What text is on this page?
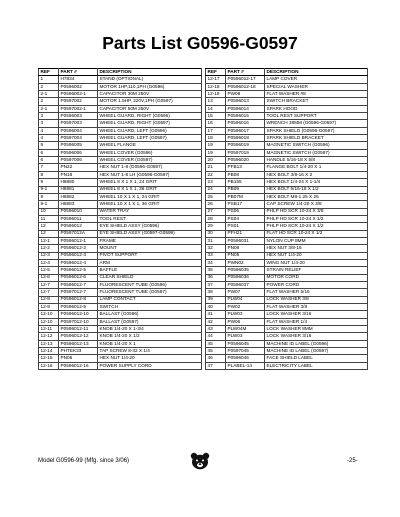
Parts List G0596-G0597
REF	PART #	DESCRIPTION
1	H7834	STAND (OPTIONAL)
2	P0596002	MOTOR 1HP,110,1PH (G0596)
2-1	P0596002-1	CAPACITOR 30M 250V
2	P0597002	MOTOR 1.5HP, 220V,1PH (G0597)
2-1	P0597002-1	CAPACITOR 50M 250V
3	P0596003	WHEEL GUARD, RIGHT (G0596)
3	P0597003	WHEEL GUARD, RIGHT (G0597)
4	P0596004	WHEEL GUARD, LEFT (G0596)
4	P0597004	WHEEL GUARD, LEFT (G0597)
5	P0596005	WHEEL FLANGE
6	P0596006	WHEEL COVER (G0596)
6	P0597006	WHEEL COVER (G0597)
7	PN22	HEX NUT 1-8 (G0596-G0597)
8	PN18	HEX NUT 1-8 LH (G0596-G0597)
9	H8880	WHEEL 8 X 1 X 1, 24 GRIT
9-1	H8881	WHEEL 8 X 1 X 1, 36 GRIT
9	H8882	WHEEL 10 X 1 X 1, 24 GRIT
9-1	H8883	WHEEL 10 X 1 X 1, 36 GRIT
10	P0596010	WATER TRAY
11	P0596011	TOOL REST
12	P0596012	EYE SHIELD ASSY (G0596)
12	P0597012A	EYE SHIELD ASSY (G0597-G0599)
12-1	P0596012-1	FRAME
12-2	P0596012-2	MOUNT
12-3	P0596012-3	PIVOT SUPPORT
12-4	P0596012-4	ARM
12-5	P0596012-5	BAFFLE
12-6	P0596012-6	CLEAR SHIELD
12-7	P0596012-7	FLUORESCENT TUBE (G0596)
12-7	P0597012-7	FLUORESCENT TUBE (G0597)
12-8	P0596012-8	LAMP CONTACT
12-9	P0596012-9	SWITCH
12-10	P0596012-10	BALLAST (G0596)
12-10	P0597012-10	BALLAST (G0597)
12-11	P0596012-11	KNOB 1/4-20 X 1-3/4
12-12	P0596012-12	KNOB 1/4-20 X 1/2
12-13	P0596012-13	KNOB 1/4-20 X 1
12-14	PHTEK33	TAP SCREW 8-32 X 1/4
12-15	PN05	HEX NUT 1/4-20
12-16	P0596012-16	POWER SUPPLY CORD
REF	PART #	DESCRIPTION
12-17	P0596012-17	LAMP COVER
12-18	P0596012-18	SPECIAL WASHER
12-19	PW08	FLAT WASHER #8
13	P0596013	SWITCH BRACKET
14	P0596014	SPARK HOOD
15	P0596015	TOOL REST SUPPORT
16	P0596016	WRENCH 38MM (G0596-G0597)
17	P0596017	SPARK SHIELD (G0596-G0597)
18	P0596018	SPARK SHIELD BRACKET
19	P0596019	MAGNETIC SWITCH (G0596)
19	P0597019	MAGNETIC SWITCH (G0597)
20	P0596020	HANDLE 5/16-18 X 5/8
21	PFB13	FLANGE BOLT 1/4-20 X 1
22	PB08	HEX BOLT 3/8-16 X 2
23	PB155	HEX BOLT 1/4-24 X 1-1/4
24	PB09	HEX BOLT 5/16-18 X 1/2
25	PB07M	HEX BOLT M8-1.25 X 25
26	PSB17	CAP SCREW 1/4-20 X 3/8
27	PS06	PHLP HD SCR 10-24 X 3/8
28	PS04	PHLP HD SCR 10-24 X 1/2
29	PS01	PHLP HD SCR 10-24 X 1/2
30	PFH21	FLAT HD SCR 10-24 X 1/2
31	P0596031	NYLON CUP 8MM
32	PN08	HEX NUT 3/8-16
33	PN05	HEX NUT 1/4-20
34	PWN02	WING NUT 1/4-20
35	P0596035	STRAIN RELIEF
36	P0596036	MOTOR CORD
37	P0596037	POWER CORD
38	PW07	FLAT WASHER 5/16
39	PLW04	LOCK WASHER 3/8
40	PW02	FLAT WASHER 3/8
41	PLW03	LOCK WASHER 3/16
42	PW06	FLAT WASHER 1/4
43	PLW04M	LOCK WASHER 8MM
44	PLW03	LOCK WASHER 3/16
45	P0596045	MACHINE ID LABEL (G0596)
45	P0597045	MACHINE ID LABEL (G0597)
46	P0596046	FACE SHIELD LABEL
47	PLABEL-14	ELECTRICITY LABEL
Model G0596-99 (Mfg. since 3/06)	-25-
